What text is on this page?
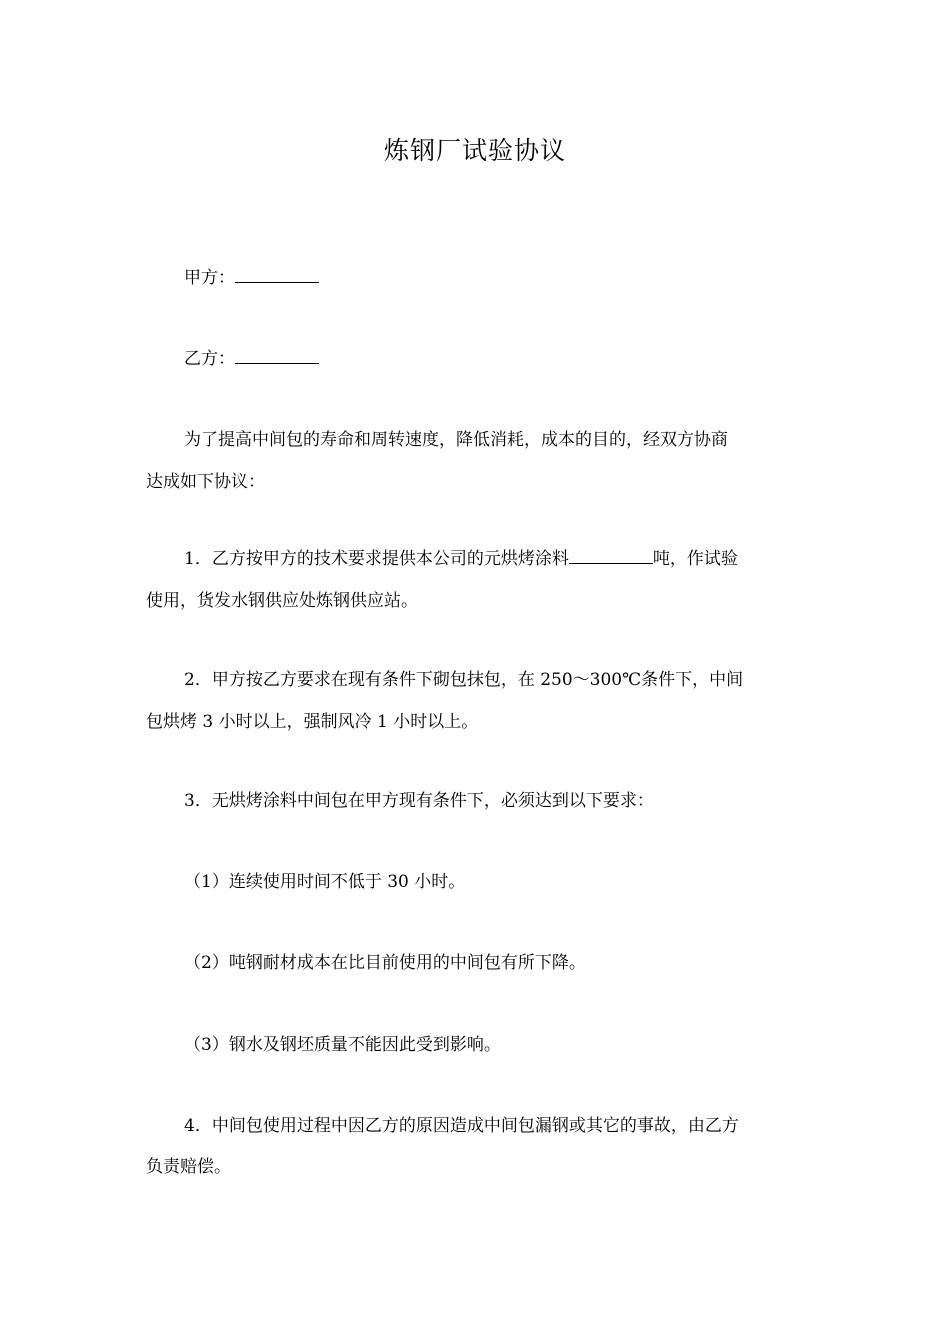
炼钢厂试验协议
甲方：
乙方：
为了提高中间包的寿命和周转速度，降低消耗，成本的目的，经双方协商
达成如下协议：
1．乙方按甲方的技术要求提供本公司的元烘烤涂料	吨，作试验
使用，货发水钢供应处炼钢供应站。
2．甲方按乙方要求在现有条件下砌包抹包，在 250～300℃条件下，中间
包烘烤 3 小时以上，强制风冷 1 小时以上。
3．无烘烤涂料中间包在甲方现有条件下，必须达到以下要求：
（1）连续使用时间不低于 30 小时。
（2）吨钢耐材成本在比目前使用的中间包有所下降。
（3）钢水及钢坯质量不能因此受到影响。
4．中间包使用过程中因乙方的原因造成中间包漏钢或其它的事故，由乙方
负责赔偿。
